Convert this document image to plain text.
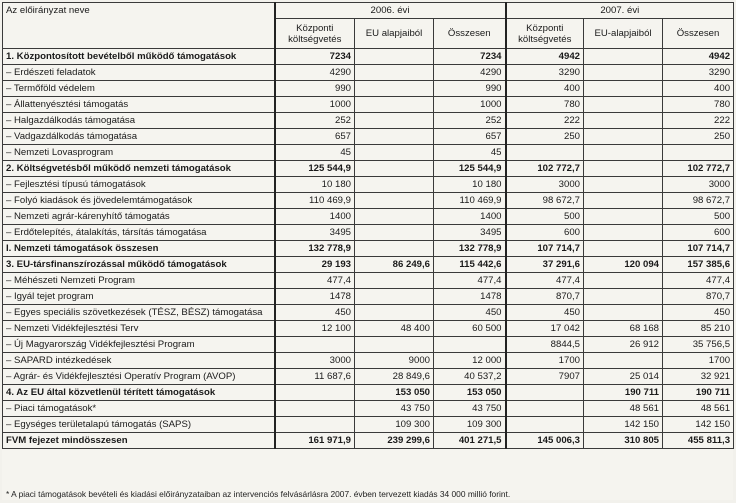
Az előirányzat neve	2006. évi			2007. évi		
	Központi költségvetés	EU alapjaiból	Összesen	Központi költségvetés	EU-alapjaiból	Összesen
1. Központosított bevételből működő támogatások	7234		7234	4942		4942
– Erdészeti feladatok	4290		4290	3290		3290
– Termőföld védelem	990		990	400		400
– Állattenyésztési támogatás	1000		1000	780		780
– Halgazdálkodás támogatása	252		252	222		222
– Vadgazdálkodás támogatása	657		657	250		250
– Nemzeti Lovasprogram	45		45			
2. Költségvetésből működő nemzeti támogatások	125 544,9		125 544,9	102 772,7		102 772,7
– Fejlesztési típusú támogatások	10 180		10 180	3000		3000
– Folyó kiadások és jövedelemtámogatások	110 469,9		110 469,9	98 672,7		98 672,7
– Nemzeti agrár-kárenyhítő támogatás	1400		1400	500		500
– Erdőtelepítés, átalakítás, társítás támogatása	3495		3495	600		600
I. Nemzeti támogatások összesen	132 778,9		132 778,9	107 714,7		107 714,7
3. EU-társfinanszírozással működő támogatások	29 193	86 249,6	115 442,6	37 291,6	120 094	157 385,6
– Méhészeti Nemzeti Program	477,4		477,4	477,4		477,4
– Igyál tejet program	1478		1478	870,7		870,7
– Egyes speciális szövetkezések (TÉSZ, BÉSZ) támogatása	450		450	450		450
– Nemzeti Vidékfejlesztési Terv	12 100	48 400	60 500	17 042	68 168	85 210
– Új Magyarország Vidékfejlesztési Program				8844,5	26 912	35 756,5
– SAPARD intézkedések	3000	9000	12 000	1700		1700
– Agrár- és Vidékfejlesztési Operatív Program (AVOP)	11 687,6	28 849,6	40 537,2	7907	25 014	32 921
4. Az EU által közvetlenül térített támogatások		153 050	153 050		190 711	190 711
– Piaci támogatások*		43 750	43 750		48 561	48 561
– Egységes területalapú támogatás (SAPS)		109 300	109 300		142 150	142 150
FVM fejezet mindösszesen	161 971,9	239 299,6	401 271,5	145 006,3	310 805	455 811,3
* A piaci támogatások bevételi és kiadási előirányzataiban az intervenciós felvásárlásra 2007. évben tervezett kiadás 34 000 millió forint.
